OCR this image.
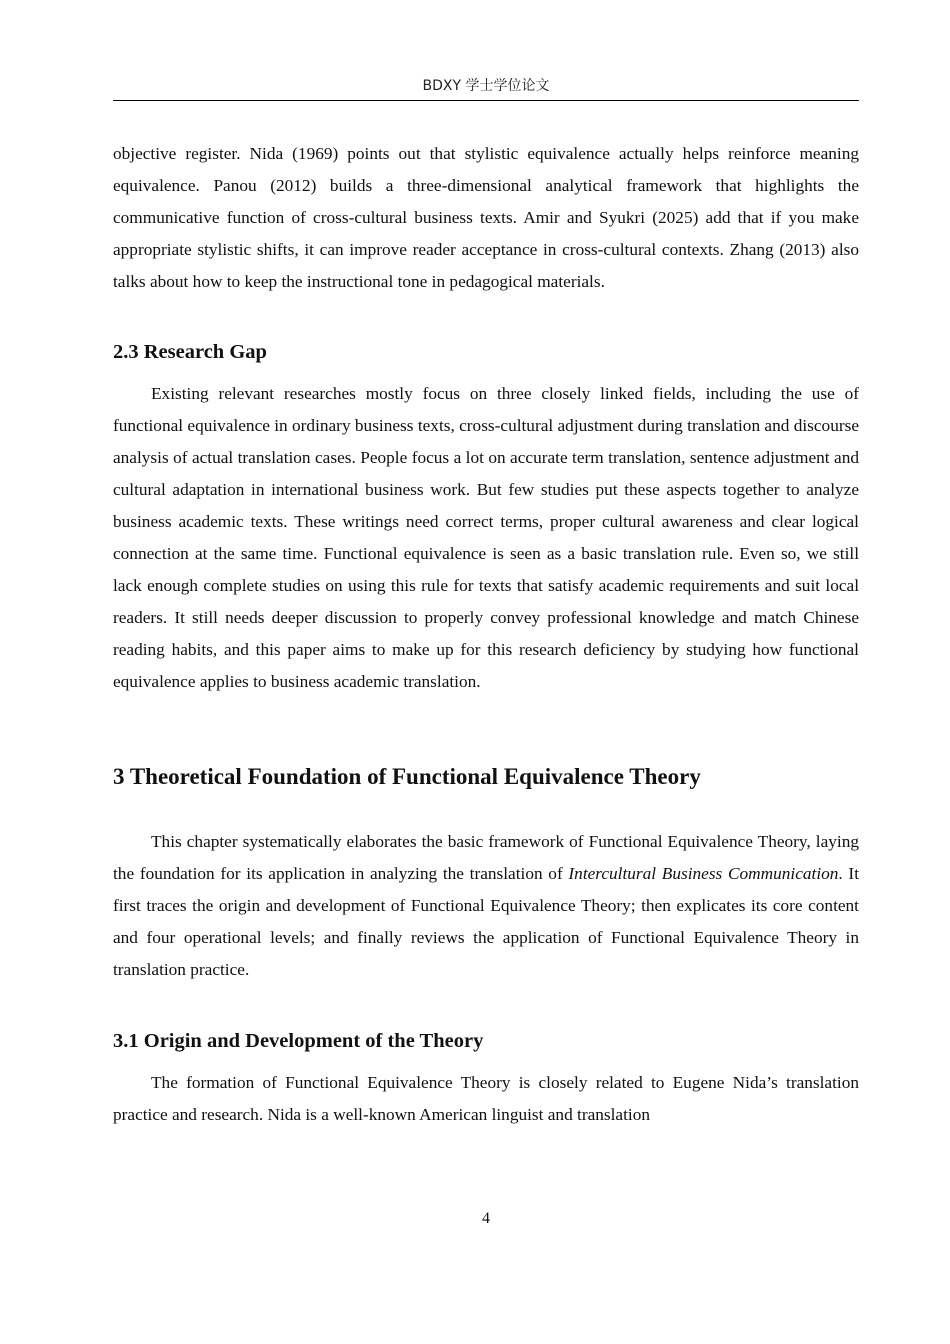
BDXY 学士学位论文

objective register. Nida (1969) points out that stylistic equivalence actually helps reinforce meaning equivalence. Panou (2012) builds a three-dimensional analytical framework that highlights the communicative function of cross-cultural business texts. Amir and Syukri (2025) add that if you make appropriate stylistic shifts, it can improve reader acceptance in cross-cultural contexts. Zhang (2013) also talks about how to keep the instructional tone in pedagogical materials.

2.3 Research Gap

Existing relevant researches mostly focus on three closely linked fields, including the use of functional equivalence in ordinary business texts, cross-cultural adjustment during translation and discourse analysis of actual translation cases. People focus a lot on accurate term translation, sentence adjustment and cultural adaptation in international business work. But few studies put these aspects together to analyze business academic texts. These writings need correct terms, proper cultural awareness and clear logical connection at the same time. Functional equivalence is seen as a basic translation rule. Even so, we still lack enough complete studies on using this rule for texts that satisfy academic requirements and suit local readers. It still needs deeper discussion to properly convey professional knowledge and match Chinese reading habits, and this paper aims to make up for this research deficiency by studying how functional equivalence applies to business academic translation.

3 Theoretical Foundation of Functional Equivalence Theory

This chapter systematically elaborates the basic framework of Functional Equivalence Theory, laying the foundation for its application in analyzing the translation of Intercultural Business Communication. It first traces the origin and development of Functional Equivalence Theory; then explicates its core content and four operational levels; and finally reviews the application of Functional Equivalence Theory in translation practice.

3.1 Origin and Development of the Theory

The formation of Functional Equivalence Theory is closely related to Eugene Nida’s translation practice and research. Nida is a well-known American linguist and translation

4
